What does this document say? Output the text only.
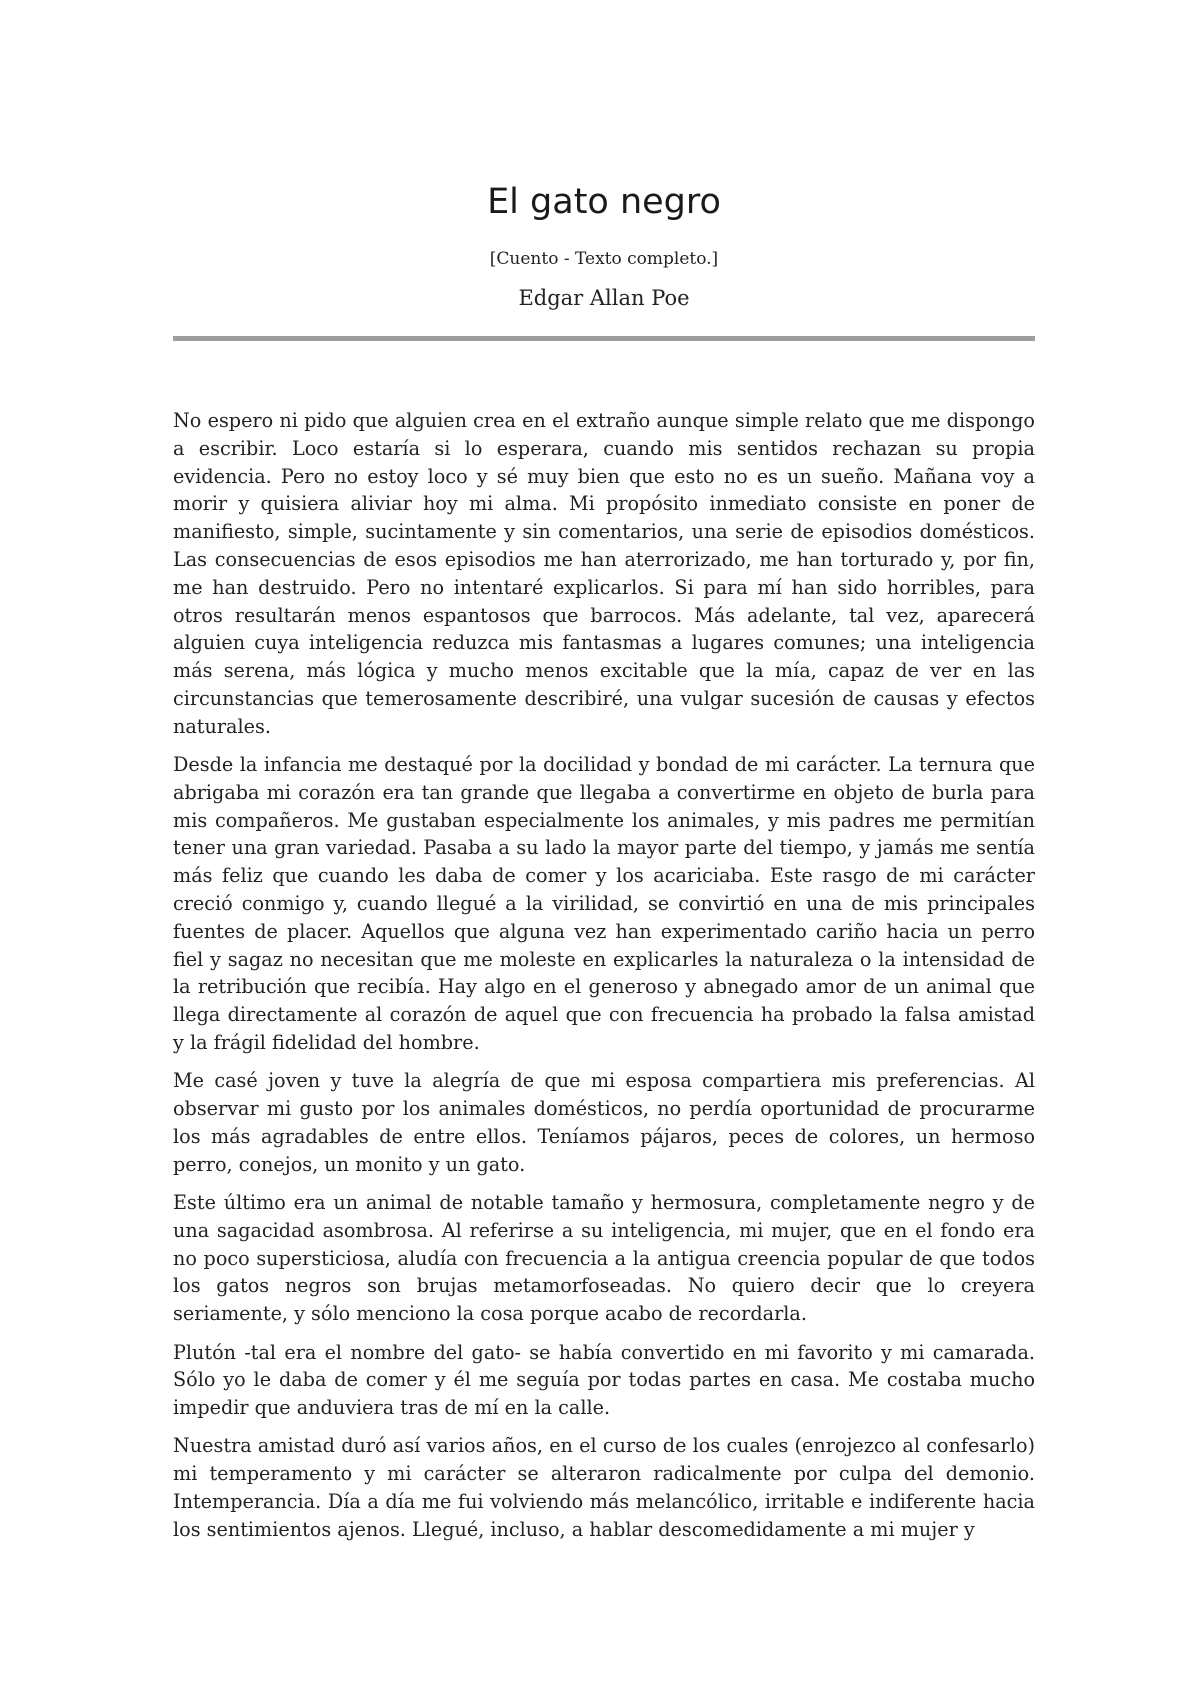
El gato negro

[Cuento - Texto completo.]

Edgar Allan Poe

No espero ni pido que alguien crea en el extraño aunque simple relato que me dispongo a escribir. Loco estaría si lo esperara, cuando mis sentidos rechazan su propia evidencia. Pero no estoy loco y sé muy bien que esto no es un sueño. Mañana voy a morir y quisiera aliviar hoy mi alma. Mi propósito inmediato consiste en poner de manifiesto, simple, sucintamente y sin comentarios, una serie de episodios domésticos. Las consecuencias de esos episodios me han aterrorizado, me han torturado y, por fin, me han destruido. Pero no intentaré explicarlos. Si para mí han sido horribles, para otros resultarán menos espantosos que barrocos. Más adelante, tal vez, aparecerá alguien cuya inteligencia reduzca mis fantasmas a lugares comunes; una inteligencia más serena, más lógica y mucho menos excitable que la mía, capaz de ver en las circunstancias que temerosamente describiré, una vulgar sucesión de causas y efectos naturales.

Desde la infancia me destaqué por la docilidad y bondad de mi carácter. La ternura que abrigaba mi corazón era tan grande que llegaba a convertirme en objeto de burla para mis compañeros. Me gustaban especialmente los animales, y mis padres me permitían tener una gran variedad. Pasaba a su lado la mayor parte del tiempo, y jamás me sentía más feliz que cuando les daba de comer y los acariciaba. Este rasgo de mi carácter creció conmigo y, cuando llegué a la virilidad, se convirtió en una de mis principales fuentes de placer. Aquellos que alguna vez han experimentado cariño hacia un perro fiel y sagaz no necesitan que me moleste en explicarles la naturaleza o la intensidad de la retribución que recibía. Hay algo en el generoso y abnegado amor de un animal que llega directamente al corazón de aquel que con frecuencia ha probado la falsa amistad y la frágil fidelidad del hombre.

Me casé joven y tuve la alegría de que mi esposa compartiera mis preferencias. Al observar mi gusto por los animales domésticos, no perdía oportunidad de procurarme los más agradables de entre ellos. Teníamos pájaros, peces de colores, un hermoso perro, conejos, un monito y un gato.

Este último era un animal de notable tamaño y hermosura, completamente negro y de una sagacidad asombrosa. Al referirse a su inteligencia, mi mujer, que en el fondo era no poco supersticiosa, aludía con frecuencia a la antigua creencia popular de que todos los gatos negros son brujas metamorfoseadas. No quiero decir que lo creyera seriamente, y sólo menciono la cosa porque acabo de recordarla.

Plutón -tal era el nombre del gato- se había convertido en mi favorito y mi camarada. Sólo yo le daba de comer y él me seguía por todas partes en casa. Me costaba mucho impedir que anduviera tras de mí en la calle.

Nuestra amistad duró así varios años, en el curso de los cuales (enrojezco al confesarlo) mi temperamento y mi carácter se alteraron radicalmente por culpa del demonio. Intemperancia. Día a día me fui volviendo más melancólico, irritable e indiferente hacia los sentimientos ajenos. Llegué, incluso, a hablar descomedidamente a mi mujer y
